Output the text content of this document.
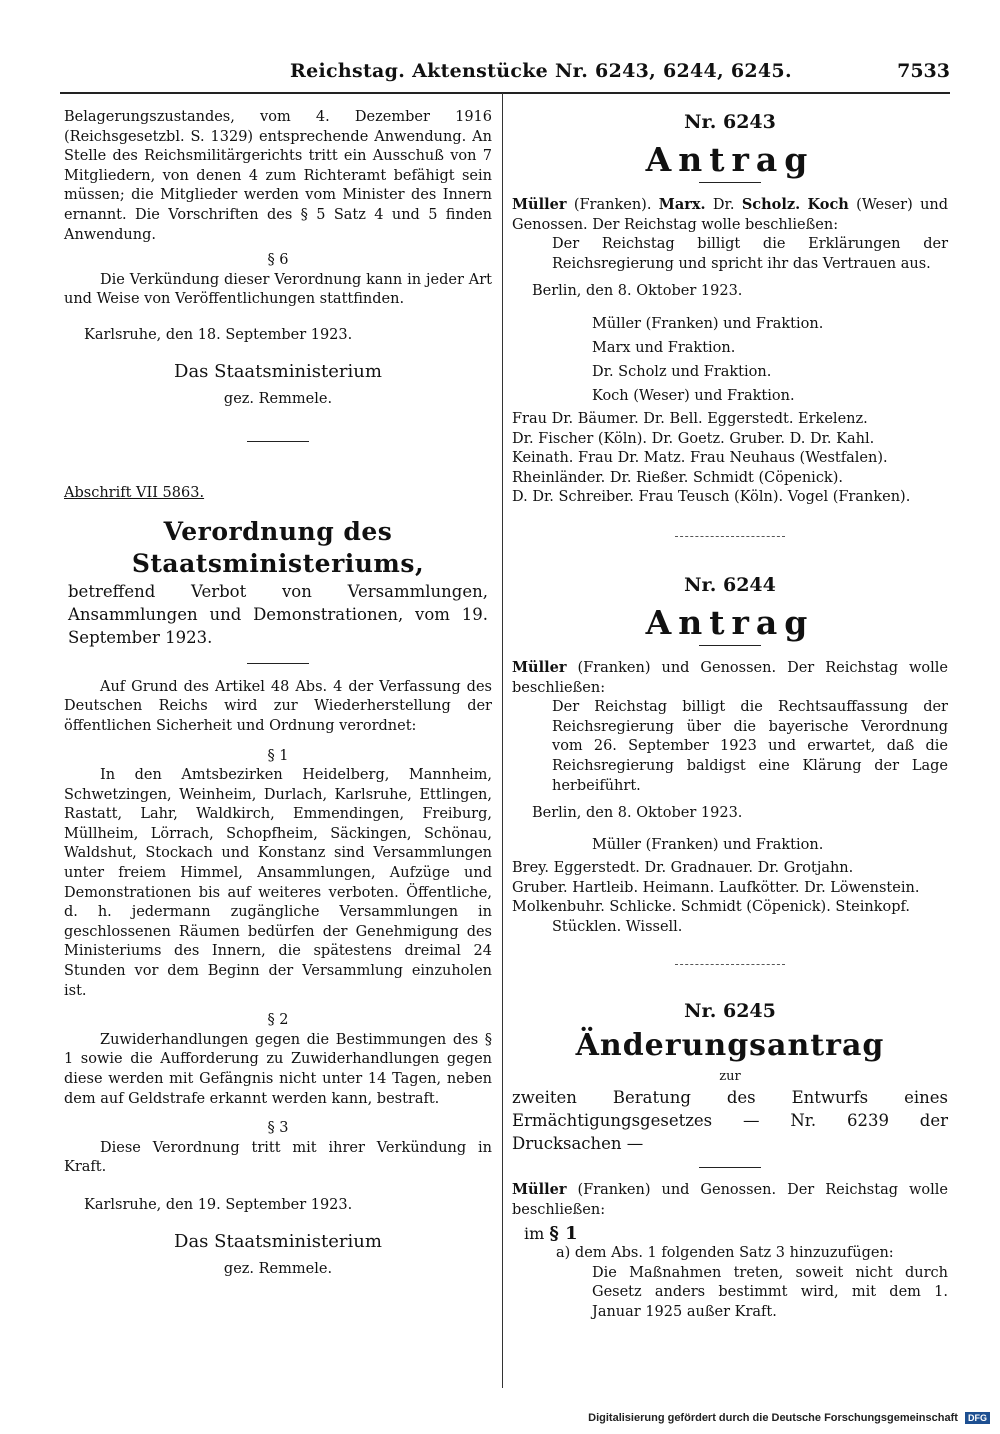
Reichstag. Aktenstücke Nr. 6243, 6244, 6245.	7533

Belagerungszustandes, vom 4. Dezember 1916 (Reichsgesetzbl. S. 1329) entsprechende Anwendung. An Stelle des Reichsmilitärgerichts tritt ein Ausschuß von 7 Mitgliedern, von denen 4 zum Richteramt befähigt sein müssen; die Mitglieder werden vom Minister des Innern ernannt. Die Vorschriften des § 5 Satz 4 und 5 finden Anwendung.

§ 6

Die Verkündung dieser Verordnung kann in jeder Art und Weise von Veröffentlichungen stattfinden.

Karlsruhe, den 18. September 1923.

Das Staatsministerium

gez. Remmele.

Abschrift VII 5863.

Verordnung des Staatsministeriums,

betreffend Verbot von Versammlungen, Ansammlungen und Demonstrationen, vom 19. September 1923.

Auf Grund des Artikel 48 Abs. 4 der Verfassung des Deutschen Reichs wird zur Wiederherstellung der öffentlichen Sicherheit und Ordnung verordnet:

§ 1

In den Amtsbezirken Heidelberg, Mannheim, Schwetzingen, Weinheim, Durlach, Karlsruhe, Ettlingen, Rastatt, Lahr, Waldkirch, Emmendingen, Freiburg, Müllheim, Lörrach, Schopfheim, Säckingen, Schönau, Waldshut, Stockach und Konstanz sind Versammlungen unter freiem Himmel, Ansammlungen, Aufzüge und Demonstrationen bis auf weiteres verboten. Öffentliche, d. h. jedermann zugängliche Versammlungen in geschlossenen Räumen bedürfen der Genehmigung des Ministeriums des Innern, die spätestens dreimal 24 Stunden vor dem Beginn der Versammlung einzuholen ist.

§ 2

Zuwiderhandlungen gegen die Bestimmungen des § 1 sowie die Aufforderung zu Zuwiderhandlungen gegen diese werden mit Gefängnis nicht unter 14 Tagen, neben dem auf Geldstrafe erkannt werden kann, bestraft.

§ 3

Diese Verordnung tritt mit ihrer Verkündung in Kraft.

Karlsruhe, den 19. September 1923.

Das Staatsministerium

gez. Remmele.

Nr. 6243

Antrag

Müller (Franken). Marx. Dr. Scholz. Koch (Weser) und Genossen. Der Reichstag wolle beschließen:

Der Reichstag billigt die Erklärungen der Reichsregierung und spricht ihr das Vertrauen aus.

Berlin, den 8. Oktober 1923.

Müller (Franken) und Fraktion.

Marx und Fraktion.

Dr. Scholz und Fraktion.

Koch (Weser) und Fraktion.

Frau Dr. Bäumer. Dr. Bell. Eggerstedt. Erkelenz.

Dr. Fischer (Köln). Dr. Goetz. Gruber. D. Dr. Kahl.

Keinath. Frau Dr. Matz. Frau Neuhaus (Westfalen).

Rheinländer. Dr. Rießer. Schmidt (Cöpenick).

D. Dr. Schreiber. Frau Teusch (Köln). Vogel (Franken).

Nr. 6244

Antrag

Müller (Franken) und Genossen. Der Reichstag wolle beschließen:

Der Reichstag billigt die Rechtsauffassung der Reichsregierung über die bayerische Verordnung vom 26. September 1923 und erwartet, daß die Reichsregierung baldigst eine Klärung der Lage herbeiführt.

Berlin, den 8. Oktober 1923.

Müller (Franken) und Fraktion.

Brey. Eggerstedt. Dr. Gradnauer. Dr. Grotjahn.

Gruber. Hartleib. Heimann. Laufkötter. Dr. Löwenstein.

Molkenbuhr. Schlicke. Schmidt (Cöpenick). Steinkopf.

Stücklen. Wissell.

Nr. 6245

Änderungsantrag

zur

zweiten Beratung des Entwurfs eines Ermächtigungsgesetzes — Nr. 6239 der Drucksachen —

Müller (Franken) und Genossen. Der Reichstag wolle beschließen:

im § 1

a) dem Abs. 1 folgenden Satz 3 hinzuzufügen:

Die Maßnahmen treten, soweit nicht durch Gesetz anders bestimmt wird, mit dem 1. Januar 1925 außer Kraft.

Digitalisierung gefördert durch die Deutsche Forschungsgemeinschaft DFG
